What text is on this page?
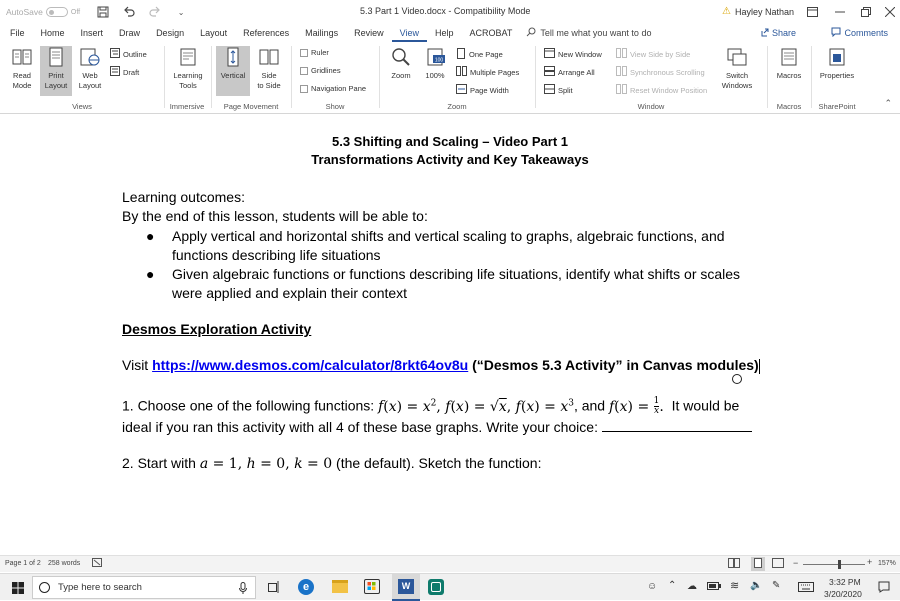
AutoSave	Off	⌄	5.3 Part 1 Video.docx - Compatibility Mode	⚠ Hayley Nathan
File	Home	Insert	Draw	Design	Layout	References	Mailings	Review	View	Help	ACROBAT	Tell me what you want to do	Share	Comments
Read
Mode
Print
Layout
Web
Layout
Outline
Draft
Views
Learning
Tools
Immersive
Vertical Side
to Side
Page Movement
Ruler
Gridlines
Navigation Pane
Show
Zoom
100
100%
One Page
Multiple Pages
Page Width
Zoom
New Window
Arrange All
Split
View Side by Side
Synchronous Scrolling
Reset Window Position
Switch
Windows
Window
Macros
Macros
Properties
SharePoint	⌃
5.3 Shifting and Scaling – Video Part 1
Transformations Activity and Key Takeaways
Learning outcomes:
By the end of this lesson, students will be able to:
● Apply vertical and horizontal shifts and vertical scaling to graphs, algebraic functions, and
functions describing life situations
● Given algebraic functions or functions describing life situations, identify what shifts or scales
were applied and explain their context
Desmos Exploration Activity
Visit https://www.desmos.com/calculator/8rkt64ov8u (“Desmos 5.3 Activity” in Canvas modules)
1. Choose one of the following functions: $f(x) = x^2$, f(x) = √x, $f(x) = x^3$, and $f(x) = \frac{1}{x}$ . It would be
ideal if you ran this activity with all 4 of these base graphs. Write your choice:
2. Start with a = 1, h = 0, k = 0 (the default). Sketch the function:
Page 1 of 2 258 words	−	+ 157%
Type here to search	e	W	☺ ⌃ ☁	≋ 🔈 ✎	3:32 PM
3/20/2020
